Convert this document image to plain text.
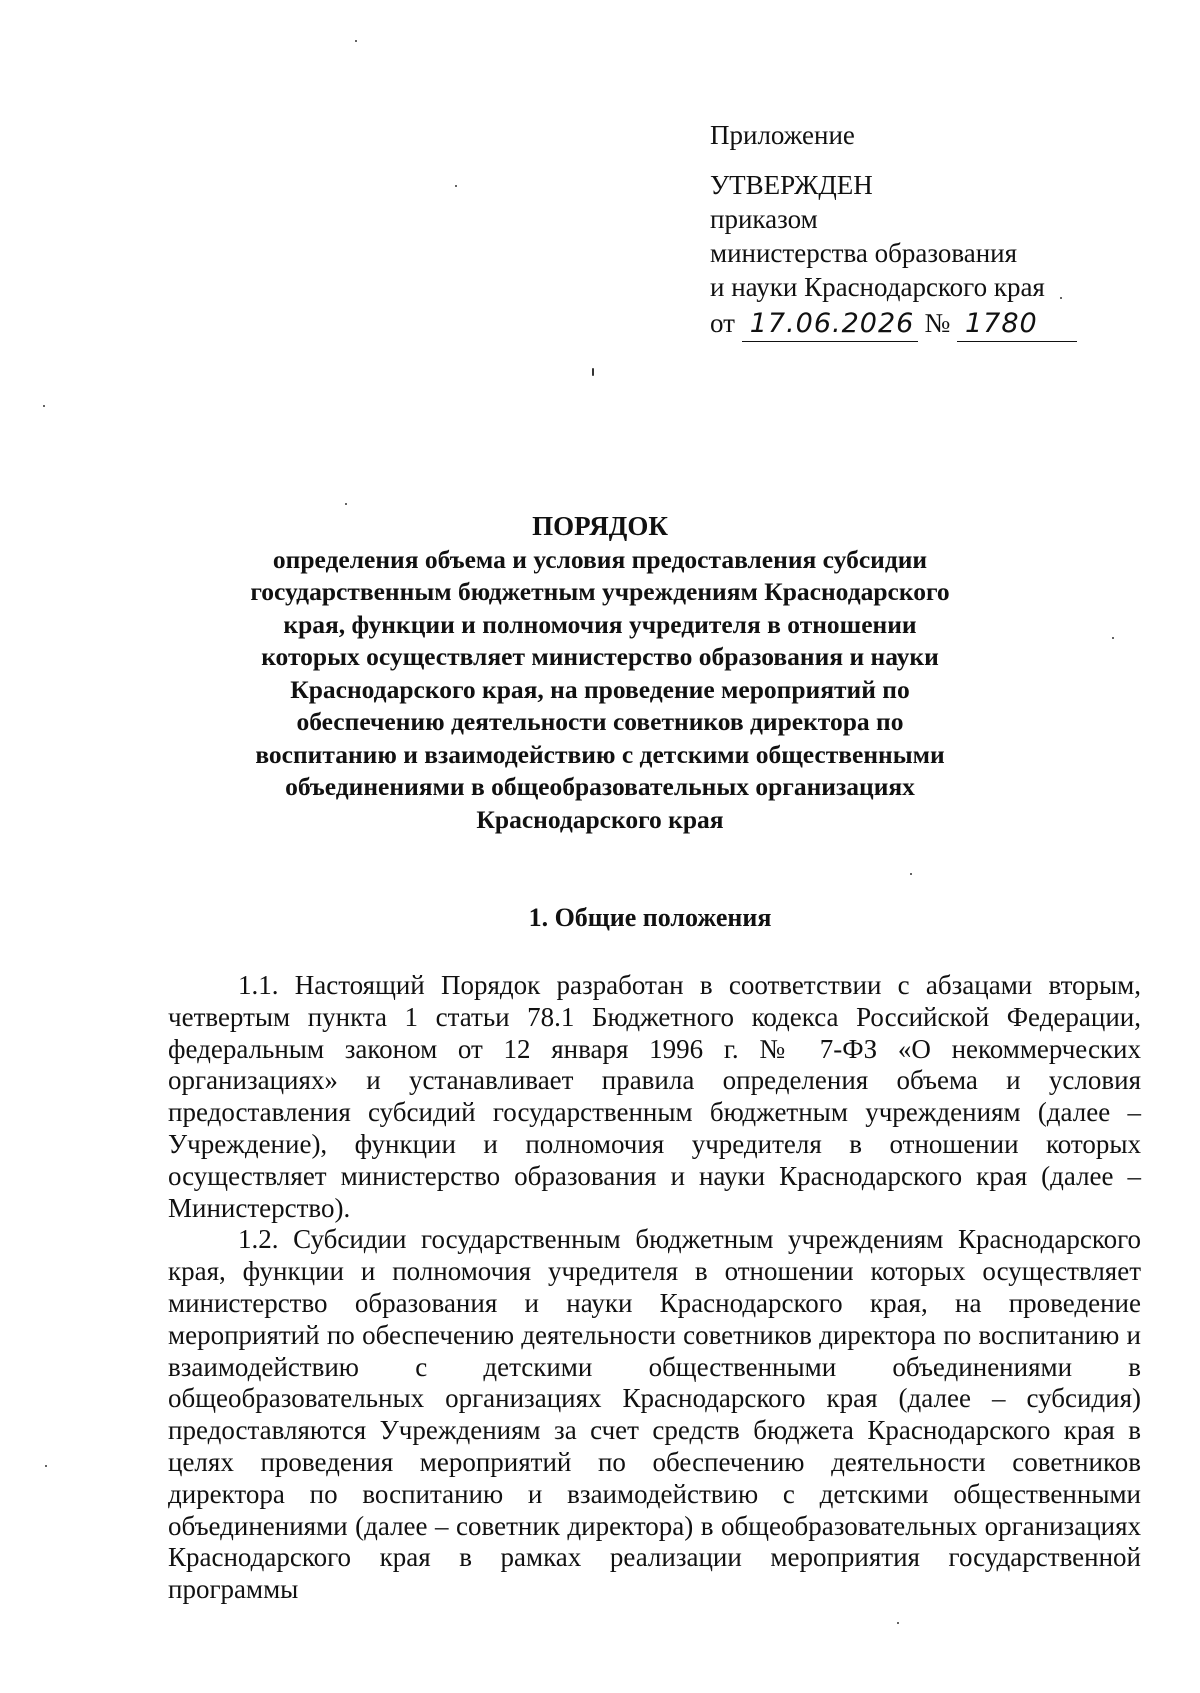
Приложение
УТВЕРЖДЕН
приказом
министерства образования
и науки Краснодарского края
от 17.06.2026 № 1780
ПОРЯДОК
определения объема и условия предоставления субсидии
государственным бюджетным учреждениям Краснодарского
края, функции и полномочия учредителя в отношении
которых осуществляет министерство образования и науки
Краснодарского края, на проведение мероприятий по
обеспечению деятельности советников директора по
воспитанию и взаимодействию с детскими общественными
объединениями в общеобразовательных организациях
Краснодарского края
1. Общие положения

1.1. Настоящий Порядок разработан в соответствии с абзацами вторым, четвертым пункта 1 статьи 78.1 Бюджетного кодекса Российской Федерации, федеральным законом от 12 января 1996 г. № 7-ФЗ «О некоммерческих организациях» и устанавливает правила определения объема и условия предоставления субсидий государственным бюджетным учреждениям (далее – Учреждение), функции и полномочия учредителя в отношении которых осуществляет министерство образования и науки Краснодарского края (далее – Министерство).

1.2. Субсидии государственным бюджетным учреждениям Краснодарского края, функции и полномочия учредителя в отношении которых осуществляет министерство образования и науки Краснодарского края, на проведение мероприятий по обеспечению деятельности советников директора по воспитанию и взаимодействию с детскими общественными объединениями в общеобразовательных организациях Краснодарского края (далее – субсидия) предоставляются Учреждениям за счет средств бюджета Краснодарского края в целях проведения мероприятий по обеспечению деятельности советников директора по воспитанию и взаимодействию с детскими общественными объединениями (далее – советник директора) в общеобразовательных организациях Краснодарского края в рамках реализации мероприятия государственной программы
